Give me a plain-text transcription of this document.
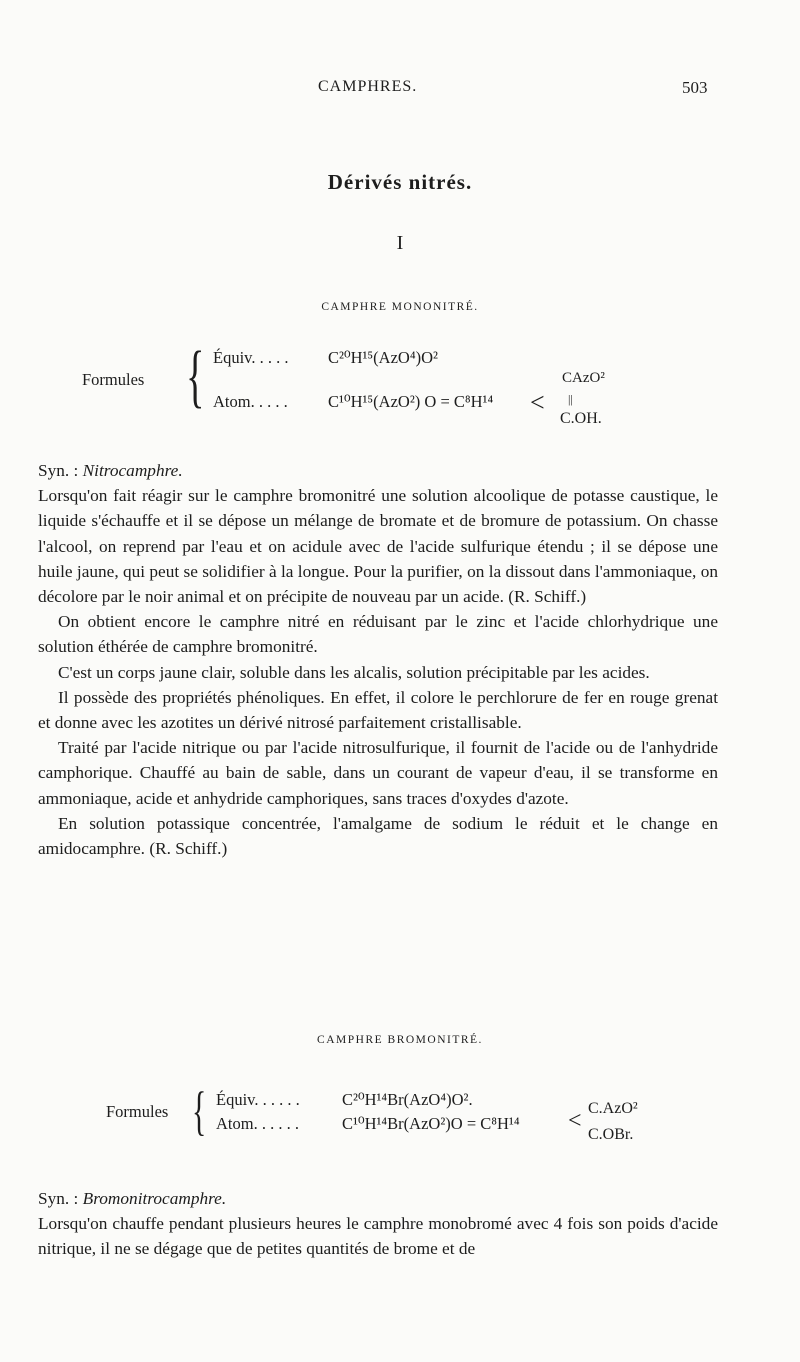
CAMPHRES.	503
Dérivés nitrés.
I
CAMPHRE MONONITRÉ.
Formules { Équiv. . . . . C²⁰H¹⁵(AzO⁴)O²
Atom. . . . . C¹⁰H¹⁵(AzO²) O = C⁸H¹⁴ <
CAzO²
||
C.OH.

Syn. : Nitrocamphre.

Lorsqu'on fait réagir sur le camphre bromonitré une solution alcoolique de potasse caustique, le liquide s'échauffe et il se dépose un mélange de bromate et de bromure de potassium. On chasse l'alcool, on reprend par l'eau et on acidule avec de l'acide sulfurique étendu ; il se dépose une huile jaune, qui peut se solidifier à la longue. Pour la purifier, on la dissout dans l'ammoniaque, on décolore par le noir animal et on précipite de nouveau par un acide. (R. Schiff.)

On obtient encore le camphre nitré en réduisant par le zinc et l'acide chlorhydrique une solution éthérée de camphre bromonitré.

C'est un corps jaune clair, soluble dans les alcalis, solution précipitable par les acides.

Il possède des propriétés phénoliques. En effet, il colore le perchlorure de fer en rouge grenat et donne avec les azotites un dérivé nitrosé parfaitement cristallisable.

Traité par l'acide nitrique ou par l'acide nitrosulfurique, il fournit de l'acide ou de l'anhydride camphorique. Chauffé au bain de sable, dans un courant de vapeur d'eau, il se transforme en ammoniaque, acide et anhydride camphoriques, sans traces d'oxydes d'azote.

En solution potassique concentrée, l'amalgame de sodium le réduit et le change en amidocamphre. (R. Schiff.)

CAMPHRE BROMONITRÉ.
Formules { Équiv. . . . . .	C²⁰H¹⁴Br(AzO⁴)O².
Atom. . . . . .	C¹⁰H¹⁴Br(AzO²)O = C⁸H¹⁴ < C.AzO²
C.OBr.

Syn. : Bromonitrocamphre.

Lorsqu'on chauffe pendant plusieurs heures le camphre monobromé avec 4 fois son poids d'acide nitrique, il ne se dégage que de petites quantités de brome et de
